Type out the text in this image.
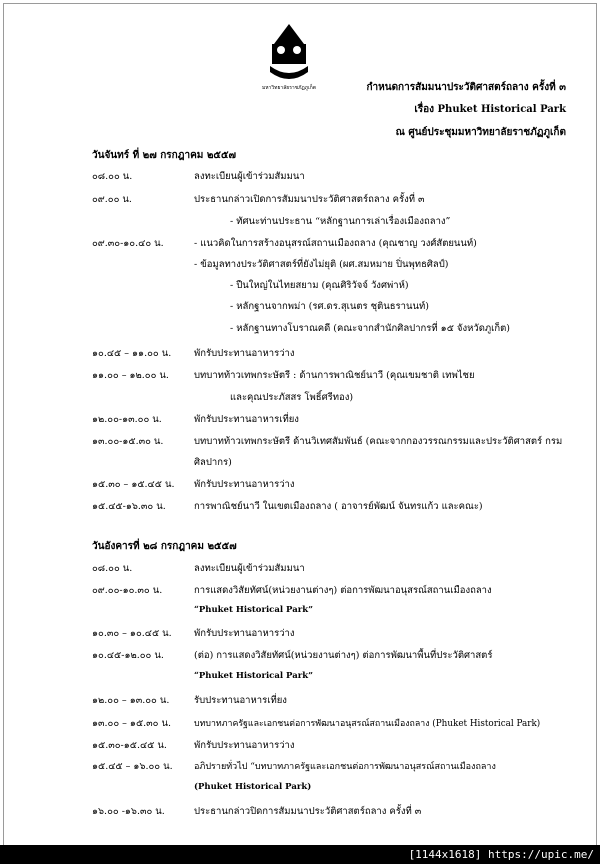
มหาวิทยาลัยราชภัฏภูเก็ต	กำหนดการสัมมนาประวัติศาสตร์ถลาง ครั้งที่ ๓
เรื่อง Phuket Historical Park
ณ ศูนย์ประชุมมหาวิทยาลัยราชภัฏภูเก็ต
วันจันทร์ ที่ ๒๗ กรกฎาคม ๒๕๕๗
๐๘.๐๐ น.	ลงทะเบียนผู้เข้าร่วมสัมมนา
๐๙.๐๐ น.	ประธานกล่าวเปิดการสัมมนาประวัติศาสตร์ถลาง ครั้งที่ ๓
- ทัศนะท่านประธาน “หลักฐานการเล่าเรื่องเมืองถลาง”
๐๙.๓๐-๑๐.๔๐ น.	- แนวคิดในการสร้างอนุสรณ์สถานเมืองถลาง (คุณชาญ วงศ์สัตยนนท์)
- ข้อมูลทางประวัติศาสตร์ที่ยังไม่ยุติ (ผศ.สมหมาย ปิ่นพุทธศิลป์)
- ปืนใหญ่ในไทยสยาม (คุณศิริวัจจ์ วังศพ่าห์)
- หลักฐานจากพม่า (รศ.ดร.สุเนตร ชุตินธรานนท์)
- หลักฐานทางโบราณคดี (คณะจากสำนักศิลปากรที่ ๑๕ จังหวัดภูเก็ต)
๑๐.๔๕ – ๑๑.๐๐ น. พักรับประทานอาหารว่าง
๑๑.๐๐ – ๑๒.๐๐ น.	บทบาทท้าวเทพกระษัตรี : ด้านการพาณิชย์นาวี (คุณเขมชาติ เทพไชย
และคุณประภัสสร โพธิ์ศรีทอง)
๑๒.๐๐-๑๓.๐๐ น.	พักรับประทานอาหารเที่ยง
๑๓.๐๐-๑๕.๓๐ น.	บทบาทท้าวเทพกระษัตรี ด้านวิเทศสัมพันธ์ (คณะจากกองวรรณกรรมและประวัติศาสตร์ กรม
ศิลปากร)
๑๕.๓๐ – ๑๕.๔๕ น. พักรับประทานอาหารว่าง
๑๕.๔๕-๑๖.๓๐ น.	การพาณิชย์นาวี ในเขตเมืองถลาง ( อาจารย์พัฒน์ จันทรแก้ว และคณะ)
วันอังคารที่ ๒๘ กรกฎาคม ๒๕๕๗
๐๘.๐๐ น.	ลงทะเบียนผู้เข้าร่วมสัมมนา
๐๙.๐๐-๑๐.๓๐ น.	การแสดงวิสัยทัศน์(หน่วยงานต่างๆ) ต่อการพัฒนาอนุสรณ์สถานเมืองถลาง
“Phuket Historical Park”
๑๐.๓๐ – ๑๐.๔๕ น. พักรับประทานอาหารว่าง
๑๐.๔๕-๑๒.๐๐ น.	(ต่อ) การแสดงวิสัยทัศน์(หน่วยงานต่างๆ) ต่อการพัฒนาพื้นที่ประวัติศาสตร์
“Phuket Historical Park”
๑๒.๐๐ – ๑๓.๐๐ น.	รับประทานอาหารเที่ยง
๑๓.๐๐ – ๑๕.๓๐ น.	บทบาทภาครัฐและเอกชนต่อการพัฒนาอนุสรณ์สถานเมืองถลาง (Phuket Historical Park)
๑๕.๓๐-๑๕.๔๕ น.	พักรับประทานอาหารว่าง
๑๕.๔๕ – ๑๖.๐๐ น. อภิปรายทั่วไป “บทบาทภาครัฐและเอกชนต่อการพัฒนาอนุสรณ์สถานเมืองถลาง
(Phuket Historical Park)
๑๖.๐๐ -๑๖.๓๐ น.	ประธานกล่าวปิดการสัมมนาประวัติศาสตร์ถลาง ครั้งที่ ๓
[1144x1618] https://upic.me/
